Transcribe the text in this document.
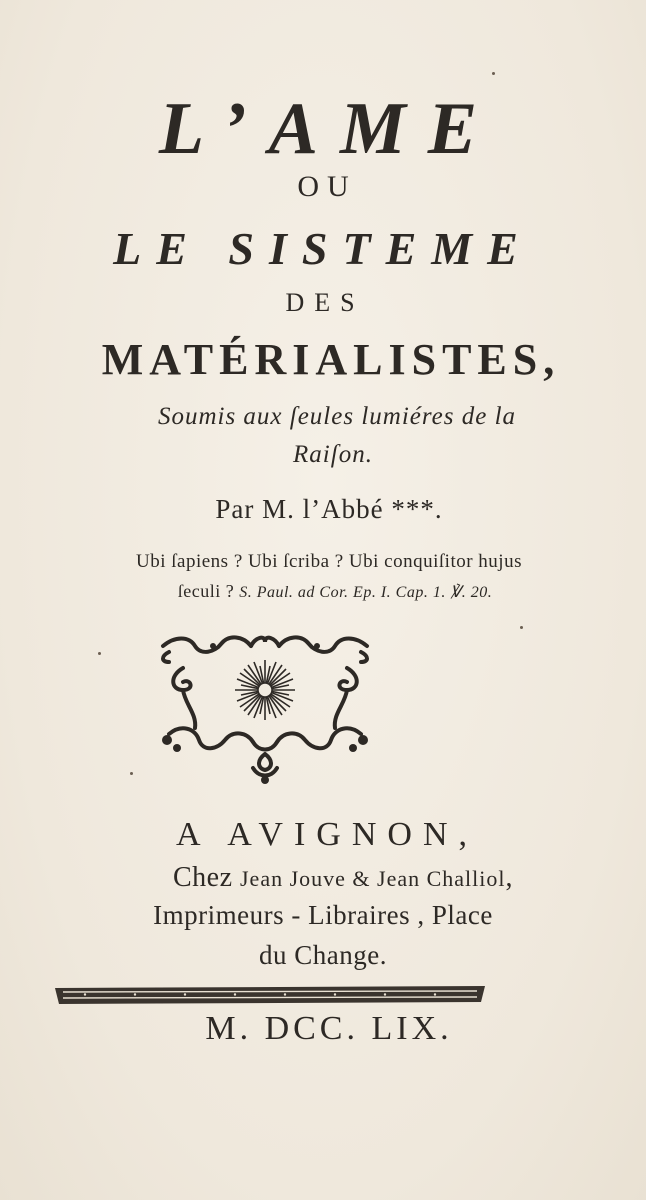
L’AME
OU
LE SISTEME
DES
MATÉRIALISTES,
Soumis aux ſeules lumiéres de la
Raiſon.
Par M. l’Abbé ***.
Ubi ſapiens ? Ubi ſcriba ? Ubi conquiſitor hujus
ſeculi ? S. Paul. ad Cor. Ep. I. Cap. 1. ℣. 20.
A AVIGNON,
Chez Jean Jouve & Jean Challiol,
Imprimeurs - Libraires , Place
du Change.
M. DCC. LIX.
